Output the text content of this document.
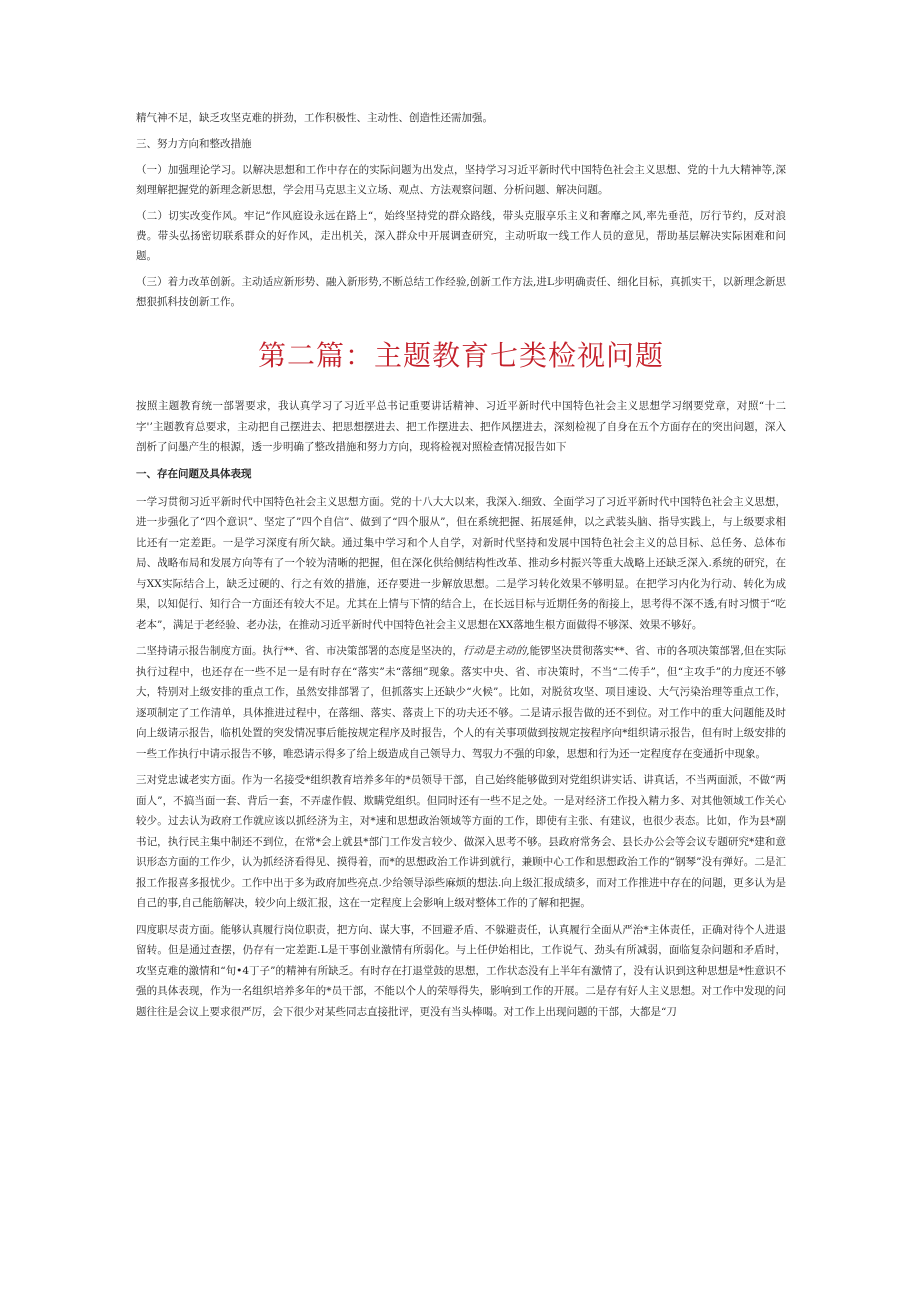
精气神不足，缺乏攻坚克难的拼劲，工作积极性、主动性、创造性还需加强。

三、努力方向和整改措施

（一）加强理论学习。以解决思想和工作中存在的实际问题为出发点，坚持学习习近平新时代中国特色社会主义思想、党的十九大精神等,深刻理解把握党的新理念新思想，学会用马克思主义立场、观点、方法观察问题、分析问题、解决问题。

（二）切实改变作风。牢记“作风庭设永远在路上“，始终坚持党的群众路线，带头克服享乐主义和奢靡之风,率先垂范，厉行节约，反对浪费。带头弘扬密切联系群众的好作风，走出机关，深入群众中开展调查研究，主动听取一线工作人员的意见，帮助基层解决实际困难和问题。

（三）着力改革创新。主动适应新形势、融入新形势,不断总结工作经验,创新工作方法,进L步明确责任、细化目标，真抓实干，以新理念新思想狠抓科技创新工作。

第二篇：主题教育七类检视问题

按照主题教育统一部署要求，我认真学习了习近平总书记重要讲话精神、习近平新时代中国特色社会主义思想学习纲要党章，对照“十二字'’主题教育总要求，主动把自己摆进去、把思想摆进去、把工作摆进去、把作风摆进去，深刻检视了自身在五个方面存在的突出问题，深入剖析了问墨产生的根源，透一步明确了整改措施和努力方向，现将检视对照检查情况报告如下

一、存在问题及具体表现

一学习贯彻习近平新时代中国特色社会主义思想方面。党的十八大大以来，我深入.细致、全面学习了习近平新时代中国特色社会主义思想，进一步强化了“四个意识”、坚定了”四个自信”、做到了“四个服从”，但在系统把握、拓展延伸，以之武装头脑、指导实践上，与上级要求相比还有一定差距。一是学习深度有所欠缺。通过集中学习和个人自学，对新时代坚持和发展中国特色社会主义的总目标、总任务、总体布局、战略布局和发展方向等有了一个较为清晰的把握，但在深化供给侧结构性改革、推动乡村振兴等重大战略上还缺乏深入.系统的研究，在与XX实际结合上，缺乏过硬的、行之有效的措施，还存要进一步解放思想。二是学习转化效果不够明显。在把学习内化为行动、转化为成果，以知促行、知行合一方面还有较大不足。尤其在上情与下情的结合上，在长远目标与近期任务的衔接上，思考得不深不透,有时习惯于“吃老本”，满足于老经验、老办法，在推动习近平新时代中国特色社会主义思想在XX落地生根方面做得不够深、效果不够好。

二坚持请示报告制度方面。执行**、省、市决策部署的态度是坚决的，行动是主动的,能锣坚决贯彻落实**、省、市的各项决策部署,但在实际执行过程中，也还存在一些不足一是有时存在“落实”未“落细”现象。落实中央、省、市决策时，不当“二传手”，但“主攻手”的力度还不够大，特别对上级安排的重点工作，虽然安排部署了，但抓落实上还缺少“火候”。比如，对脱贫攻坚、项目速设、大气污染治理等重点工作，逐项制定了工作清单，具体推进过程中，在落细、落实、落责上下的功夫还不够。二是请示报告做的还不到位。对工作中的重大问题能及时向上级请示报告，临机处置的突发情况事后能按规定程序及时报告，个人的有关事项做到按规定按程序向*组织请示报告，但有时上级安排的一些工作执行中请示报告不够，唯恐请示得多了给上级造成自己领导力、驾驭力不强的印象，思想和行为还一定程度存在变通折中现象。

三对党忠诚老实方面。作为一名接受*组织教育培养多年的*员领导干部，自己始终能够做到对党组织讲实话、讲真话，不当两面派，不做“两面人”，不搞当面一套、背后一套，不弄虚作假、欺瞒党组织。但同时还有一些不足之处。一是对经济工作投入精力多、对其他领域工作关心较少。过去认为政府工作就应该以抓经济为主，对*速和思想政治领域等方面的工作，即使有主张、有建议，也很少表态。比如，作为县*副书记，执行民主集中制还不到位，在常*会上就县*部门工作发言较少、做深入思考不够。县政府常务会、县长办公会等会议专题研究*建和意识形态方面的工作少，认为抓经济看得见、摸得着，而*的思想政治工作讲到就行，兼顾中心工作和思想政治工作的“钢琴”没有弹好。二是汇报工作报喜多报忧少。工作中出于多为政府加些亮点.少给领导添些麻烦的想法.向上级汇报成绩多，而对工作推进中存在的问题，更多认为是自己的事,自己能筋解决，较少向上级汇报，这在一定程度上会影响上级对整体工作的了解和把握。

四度职尽责方面。能够认真履行岗位职责，把方向、谋大事，不回避矛盾、不躲避责任，认真履行全面从严治*主体责任，正确对待个人进退留转。但是通过查摆，仍存有一定差距.L是干事创业激情有所弱化。与上任伊始相比，工作说气、劲头有所减弱，面临复杂问题和矛盾时，攻坚克难的激情和“旬•4丁子”的精神有所缺乏。有时存在打退堂鼓的思想，工作状态没有上半年有激情了，没有认识到这种思想是*性意识不强的具体表现，作为一名组织培养多年的*员干部，不能以个人的荣辱得失，影响到工作的开展。二是存有好人主义思想。对工作中发现的问题往往是会议上要求很严厉，会下很少对某些同志直接批评，更没有当头棒喝。对工作上出现问题的干部，大都是“刀
